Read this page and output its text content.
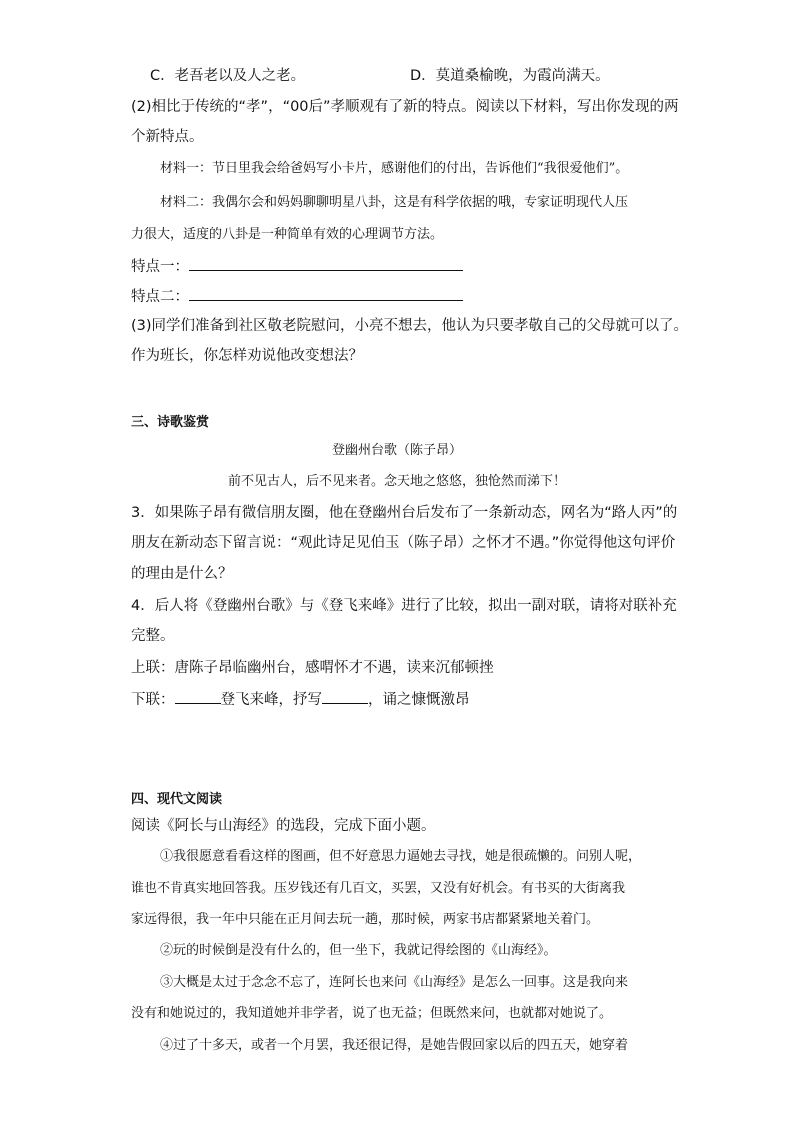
C．老吾老以及人之老。	D．莫道桑榆晚，为霞尚满天。
(2)相比于传统的“孝”，“00后”孝顺观有了新的特点。阅读以下材料，写出你发现的两
个新特点。
材料一：节日里我会给爸妈写小卡片，感谢他们的付出，告诉他们“我很爱他们”。
材料二：我偶尔会和妈妈聊聊明星八卦，这是有科学依据的哦，专家证明现代人压
力很大，适度的八卦是一种简单有效的心理调节方法。
特点一：
特点二：
(3)同学们准备到社区敬老院慰问，小亮不想去，他认为只要孝敬自己的父母就可以了。
作为班长，你怎样劝说他改变想法？
三、诗歌鉴赏
登幽州台歌（陈子昂）
前不见古人，后不见来者。念天地之悠悠，独怆然而涕下！
3．如果陈子昂有微信朋友圈，他在登幽州台后发布了一条新动态，网名为“路人丙”的
朋友在新动态下留言说：“观此诗足见伯玉（陈子昂）之怀才不遇。”你觉得他这句评价
的理由是什么？
4．后人将《登幽州台歌》与《登飞来峰》进行了比较，拟出一副对联，请将对联补充
完整。
上联：唐陈子昂临幽州台，感喟怀才不遇，读来沉郁顿挫
下联：	登飞来峰，抒写	，诵之慷慨激昂
四、现代文阅读
阅读《阿长与山海经》的选段，完成下面小题。
①我很愿意看看这样的图画，但不好意思力逼她去寻找，她是很疏懒的。问别人呢，
谁也不肯真实地回答我。压岁钱还有几百文，买罢，又没有好机会。有书买的大街离我
家远得很，我一年中只能在正月间去玩一趟，那时候，两家书店都紧紧地关着门。
②玩的时候倒是没有什么的，但一坐下，我就记得绘图的《山海经》。
③大概是太过于念念不忘了，连阿长也来问《山海经》是怎么一回事。这是我向来
没有和她说过的，我知道她并非学者，说了也无益；但既然来问，也就都对她说了。
④过了十多天，或者一个月罢，我还很记得，是她告假回家以后的四五天，她穿着
